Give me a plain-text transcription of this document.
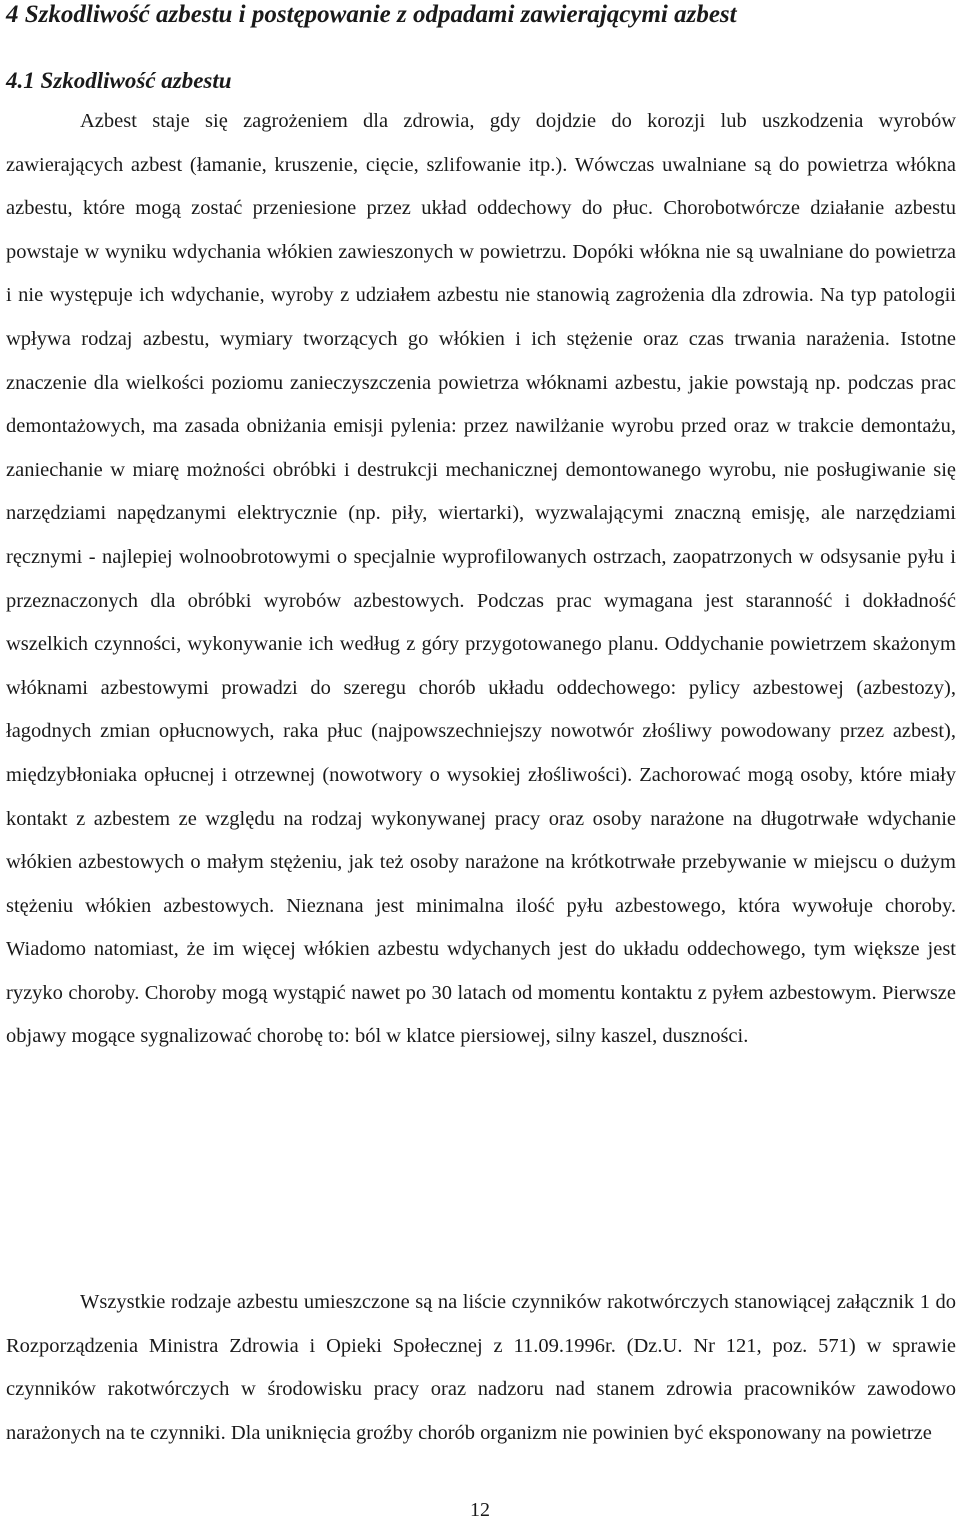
4 Szkodliwość azbestu i postępowanie z odpadami zawierającymi azbest
4.1 Szkodliwość azbestu

Azbest staje się zagrożeniem dla zdrowia, gdy dojdzie do korozji lub uszkodzenia wyrobów zawierających azbest (łamanie, kruszenie, cięcie, szlifowanie itp.). Wówczas uwalniane są do powietrza włókna azbestu, które mogą zostać przeniesione przez układ oddechowy do płuc. Chorobotwórcze działanie azbestu powstaje w wyniku wdychania włókien zawieszonych w powietrzu. Dopóki włókna nie są uwalniane do powietrza i nie występuje ich wdychanie, wyroby z udziałem azbestu nie stanowią zagrożenia dla zdrowia. Na typ patologii wpływa rodzaj azbestu, wymiary tworzących go włókien i ich stężenie oraz czas trwania narażenia. Istotne znaczenie dla wielkości poziomu zanieczyszczenia powietrza włóknami azbestu, jakie powstają np. podczas prac demontażowych, ma zasada obniżania emisji pylenia: przez nawilżanie wyrobu przed oraz w trakcie demontażu, zaniechanie w miarę możności obróbki i destrukcji mechanicznej demontowanego wyrobu, nie posługiwanie się narzędziami napędzanymi elektrycznie (np. piły, wiertarki), wyzwalającymi znaczną emisję, ale narzędziami ręcznymi - najlepiej wolnoobrotowymi o specjalnie wyprofilowanych ostrzach, zaopatrzonych w odsysanie pyłu i przeznaczonych dla obróbki wyrobów azbestowych. Podczas prac wymagana jest staranność i dokładność wszelkich czynności, wykonywanie ich według z góry przygotowanego planu. Oddychanie powietrzem skażonym włóknami azbestowymi prowadzi do szeregu chorób układu oddechowego: pylicy azbestowej (azbestozy), łagodnych zmian opłucnowych, raka płuc (najpowszechniejszy nowotwór złośliwy powodowany przez azbest), międzybłoniaka opłucnej i otrzewnej (nowotwory o wysokiej złośliwości). Zachorować mogą osoby, które miały kontakt z azbestem ze względu na rodzaj wykonywanej pracy oraz osoby narażone na długotrwałe wdychanie włókien azbestowych o małym stężeniu, jak też osoby narażone na krótkotrwałe przebywanie w miejscu o dużym stężeniu włókien azbestowych. Nieznana jest minimalna ilość pyłu azbestowego, która wywołuje choroby. Wiadomo natomiast, że im więcej włókien azbestu wdychanych jest do układu oddechowego, tym większe jest ryzyko choroby. Choroby mogą wystąpić nawet po 30 latach od momentu kontaktu z pyłem azbestowym. Pierwsze objawy mogące sygnalizować chorobę to: ból w klatce piersiowej, silny kaszel, duszności.

Wszystkie rodzaje azbestu umieszczone są na liście czynników rakotwórczych stanowiącej załącznik 1 do Rozporządzenia Ministra Zdrowia i Opieki Społecznej z 11.09.1996r. (Dz.U. Nr 121, poz. 571) w sprawie czynników rakotwórczych w środowisku pracy oraz nadzoru nad stanem zdrowia pracowników zawodowo narażonych na te czynniki. Dla uniknięcia groźby chorób organizm nie powinien być eksponowany na powietrze

12
